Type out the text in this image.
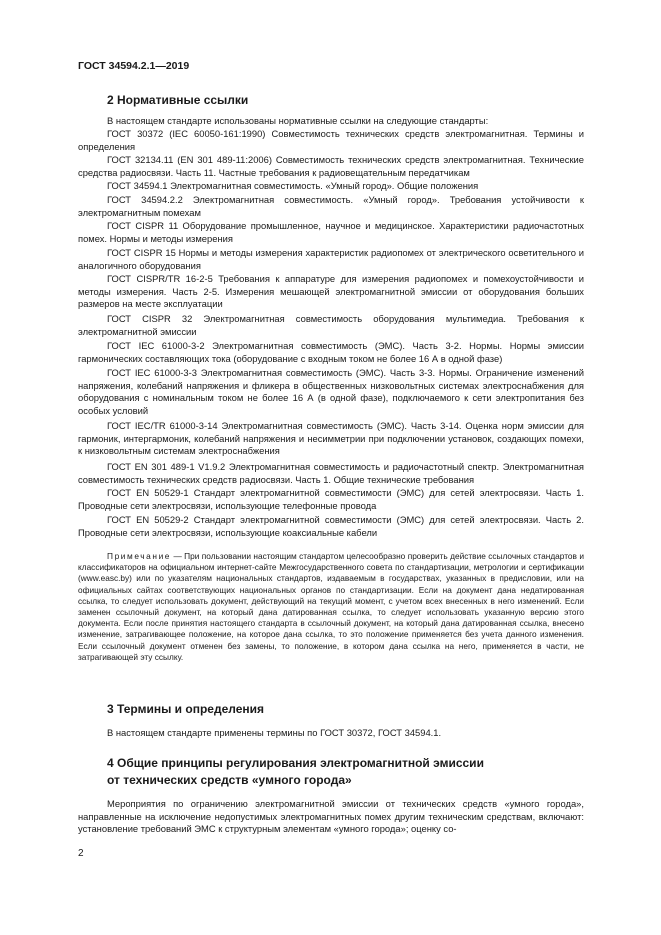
ГОСТ 34594.2.1—2019
2 Нормативные ссылки

В настоящем стандарте использованы нормативные ссылки на следующие стандарты:

ГОСТ 30372 (IEC 60050-161:1990) Совместимость технических средств электромагнитная. Термины и определения

ГОСТ 32134.11 (EN 301 489-11:2006) Совместимость технических средств электромагнитная. Технические средства радиосвязи. Часть 11. Частные требования к радиовещательным передатчикам

ГОСТ 34594.1 Электромагнитная совместимость. «Умный город». Общие положения

ГОСТ 34594.2.2 Электромагнитная совместимость. «Умный город». Требования устойчивости к электромагнитным помехам

ГОСТ CISPR 11 Оборудование промышленное, научное и медицинское. Характеристики радиочастотных помех. Нормы и методы измерения

ГОСТ CISPR 15 Нормы и методы измерения характеристик радиопомех от электрического осветительного и аналогичного оборудования

ГОСТ CISPR/TR 16-2-5 Требования к аппаратуре для измерения радиопомех и помехоустойчивости и методы измерения. Часть 2-5. Измерения мешающей электромагнитной эмиссии от оборудования больших размеров на месте эксплуатации

ГОСТ CISPR 32 Электромагнитная совместимость оборудования мультимедиа. Требования к электромагнитной эмиссии

ГОСТ IEC 61000-3-2 Электромагнитная совместимость (ЭМС). Часть 3-2. Нормы. Нормы эмиссии гармонических составляющих тока (оборудование с входным током не более 16 А в одной фазе)

ГОСТ IEC 61000-3-3 Электромагнитная совместимость (ЭМС). Часть 3-3. Нормы. Ограничение изменений напряжения, колебаний напряжения и фликера в общественных низковольтных системах электроснабжения для оборудования с номинальным током не более 16 А (в одной фазе), подключаемого к сети электропитания без особых условий

ГОСТ IEC/TR 61000-3-14 Электромагнитная совместимость (ЭМС). Часть 3-14. Оценка норм эмиссии для гармоник, интергармоник, колебаний напряжения и несимметрии при подключении установок, создающих помехи, к низковольтным системам электроснабжения

ГОСТ EN 301 489-1 V1.9.2 Электромагнитная совместимость и радиочастотный спектр. Электромагнитная совместимость технических средств радиосвязи. Часть 1. Общие технические требования

ГОСТ EN 50529-1 Стандарт электромагнитной совместимости (ЭМС) для сетей электросвязи. Часть 1. Проводные сети электросвязи, использующие телефонные провода

ГОСТ EN 50529-2 Стандарт электромагнитной совместимости (ЭМС) для сетей электросвязи. Часть 2. Проводные сети электросвязи, использующие коаксиальные кабели

Примечание — При пользовании настоящим стандартом целесообразно проверить действие ссылочных стандартов и классификаторов на официальном интернет-сайте Межгосударственного совета по стандартизации, метрологии и сертификации (www.easc.by) или по указателям национальных стандартов, издаваемым в государствах, указанных в предисловии, или на официальных сайтах соответствующих национальных органов по стандартизации. Если на документ дана недатированная ссылка, то следует использовать документ, действующий на текущий момент, с учетом всех внесенных в него изменений. Если заменен ссылочный документ, на который дана датированная ссылка, то следует использовать указанную версию этого документа. Если после принятия настоящего стандарта в ссылочный документ, на который дана датированная ссылка, внесено изменение, затрагивающее положение, на которое дана ссылка, то это положение применяется без учета данного изменения. Если ссылочный документ отменен без замены, то положение, в котором дана ссылка на него, применяется в части, не затрагивающей эту ссылку.

3 Термины и определения

В настоящем стандарте применены термины по ГОСТ 30372, ГОСТ 34594.1.

4 Общие принципы регулирования электромагнитной эмиссии
от технических средств «умного города»

Мероприятия по ограничению электромагнитной эмиссии от технических средств «умного города», направленные на исключение недопустимых электромагнитных помех другим техническим средствам, включают: установление требований ЭМС к структурным элементам «умного города»; оценку со-

2
